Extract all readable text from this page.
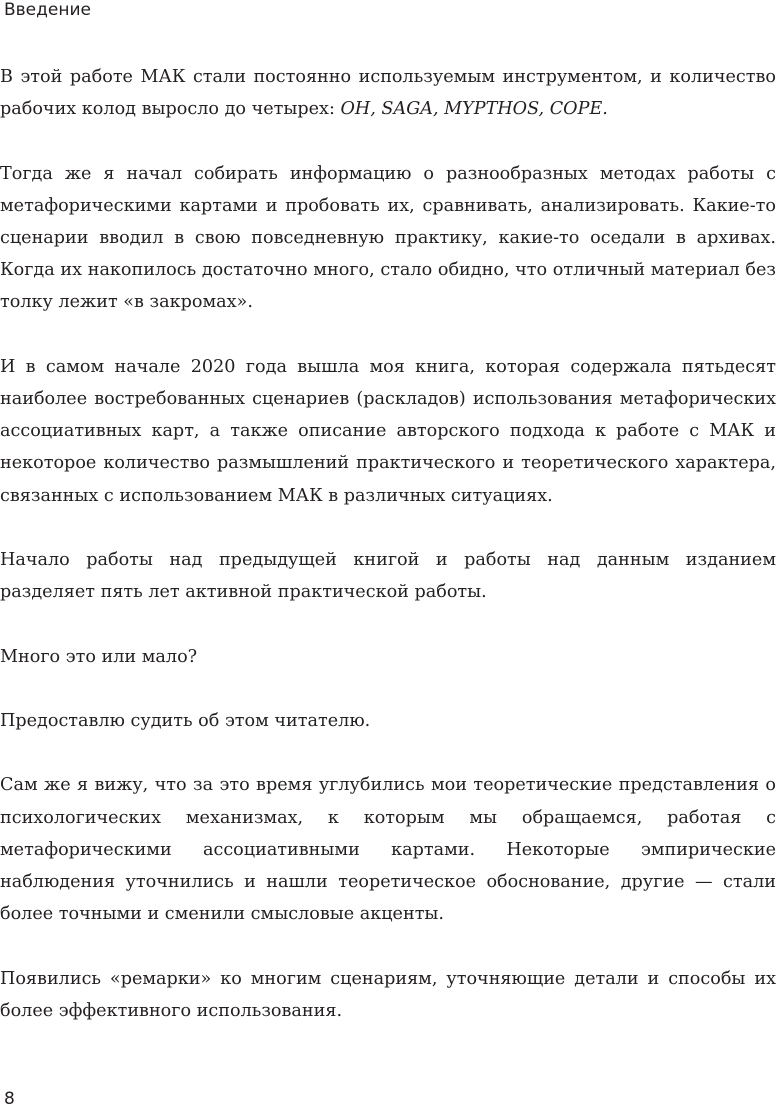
Введение

В этой работе МАК стали постоянно используемым инструментом, и количество рабочих колод выросло до четырех: OH, SAGA, MYPTHOS, COPE.

Тогда же я начал собирать информацию о разнообразных методах работы с метафорическими картами и пробовать их, сравнивать, анализировать. Какие-то сценарии вводил в свою повседневную практику, какие-то оседали в архивах. Когда их накопилось достаточно много, стало обидно, что отличный материал без толку лежит «в закромах».

И в самом начале 2020 года вышла моя книга, которая содержала пятьдесят наиболее востребованных сценариев (раскладов) использования метафорических ассоциативных карт, а также описание авторского подхода к работе с МАК и некоторое количество размышлений практического и теоретического характера, связанных с использованием МАК в различных ситуациях.

Начало работы над предыдущей книгой и работы над данным изданием разделяет пять лет активной практической работы.

Много это или мало?

Предоставлю судить об этом читателю.

Сам же я вижу, что за это время углубились мои теоретические представления о психологических механизмах, к которым мы обращаемся, работая с метафорическими ассоциативными картами. Некоторые эмпирические наблюдения уточнились и нашли теоретическое обоснование, другие — стали более точными и сменили смысловые акценты.

Появились «ремарки» ко многим сценариям, уточняющие детали и способы их более эффективного использования.

8
